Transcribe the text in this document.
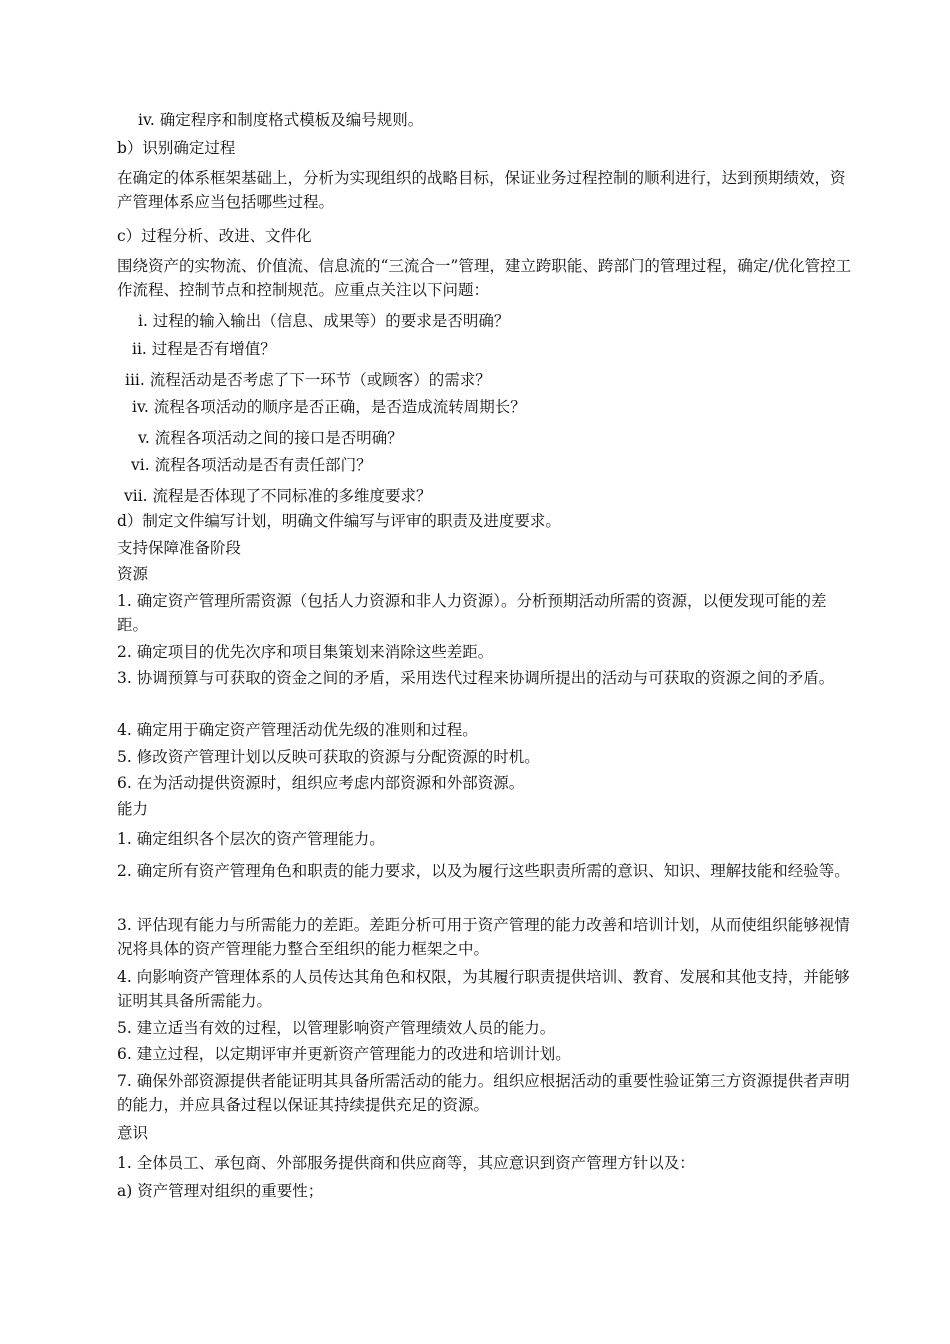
iv. 确定程序和制度格式模板及编号规则。
b）识别确定过程
在确定的体系框架基础上，分析为实现组织的战略目标，保证业务过程控制的顺利进行，达到预期绩效，资产管理体系应当包括哪些过程。
c）过程分析、改进、文件化
围绕资产的实物流、价值流、信息流的“三流合一”管理，建立跨职能、跨部门的管理过程，确定/优化管控工作流程、控制节点和控制规范。应重点关注以下问题：
i. 过程的输入输出（信息、成果等）的要求是否明确？
ii. 过程是否有增值？
iii. 流程活动是否考虑了下一环节（或顾客）的需求？
iv. 流程各项活动的顺序是否正确，是否造成流转周期长？
v. 流程各项活动之间的接口是否明确？
vi. 流程各项活动是否有责任部门？
vii. 流程是否体现了不同标准的多维度要求？
d）制定文件编写计划，明确文件编写与评审的职责及进度要求。
支持保障准备阶段
资源
1. 确定资产管理所需资源（包括人力资源和非人力资源）。分析预期活动所需的资源，以便发现可能的差距。
2. 确定项目的优先次序和项目集策划来消除这些差距。
3. 协调预算与可获取的资金之间的矛盾，采用迭代过程来协调所提出的活动与可获取的资源之间的矛盾。
4. 确定用于确定资产管理活动优先级的准则和过程。
5. 修改资产管理计划以反映可获取的资源与分配资源的时机。
6. 在为活动提供资源时，组织应考虑内部资源和外部资源。
能力
1. 确定组织各个层次的资产管理能力。
2. 确定所有资产管理角色和职责的能力要求，以及为履行这些职责所需的意识、知识、理解技能和经验等。
3. 评估现有能力与所需能力的差距。差距分析可用于资产管理的能力改善和培训计划，从而使组织能够视情况将具体的资产管理能力整合至组织的能力框架之中。
4. 向影响资产管理体系的人员传达其角色和权限，为其履行职责提供培训、教育、发展和其他支持，并能够证明其具备所需能力。
5. 建立适当有效的过程，以管理影响资产管理绩效人员的能力。
6. 建立过程，以定期评审并更新资产管理能力的改进和培训计划。
7. 确保外部资源提供者能证明其具备所需活动的能力。组织应根据活动的重要性验证第三方资源提供者声明的能力，并应具备过程以保证其持续提供充足的资源。
意识
1. 全体员工、承包商、外部服务提供商和供应商等，其应意识到资产管理方针以及：
a) 资产管理对组织的重要性；
